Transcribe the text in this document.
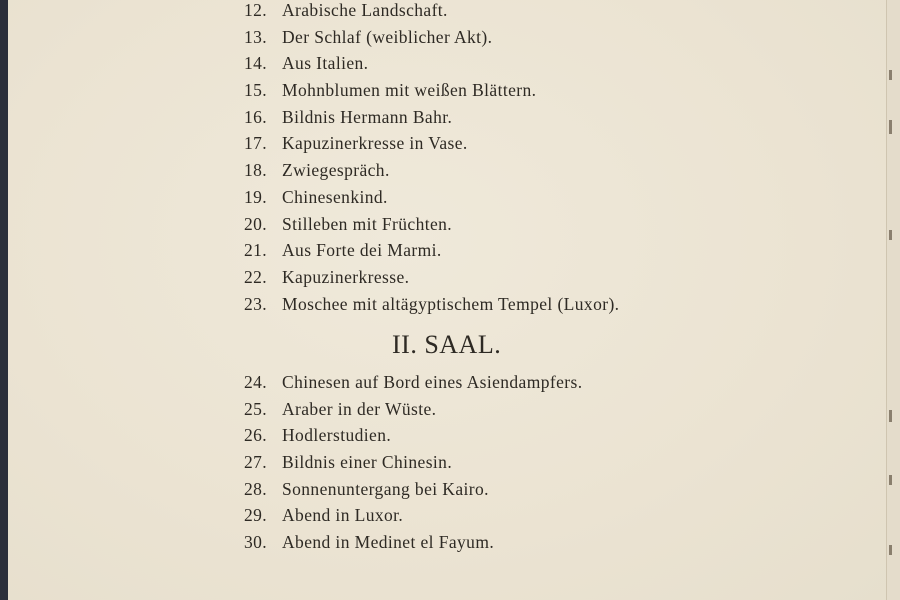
12. Arabische Landschaft.
13. Der Schlaf (weiblicher Akt).
14. Aus Italien.
15. Mohnblumen mit weißen Blättern.
16. Bildnis Hermann Bahr.
17. Kapuzinerkresse in Vase.
18. Zwiegespräch.
19. Chinesenkind.
20. Stilleben mit Früchten.
21. Aus Forte dei Marmi.
22. Kapuzinerkresse.
23. Moschee mit altägyptischem Tempel (Luxor).
II. SAAL.
24. Chinesen auf Bord eines Asiendampfers.
25. Araber in der Wüste.
26. Hodlerstudien.
27. Bildnis einer Chinesin.
28. Sonnenuntergang bei Kairo.
29. Abend in Luxor.
30. Abend in Medinet el Fayum.
